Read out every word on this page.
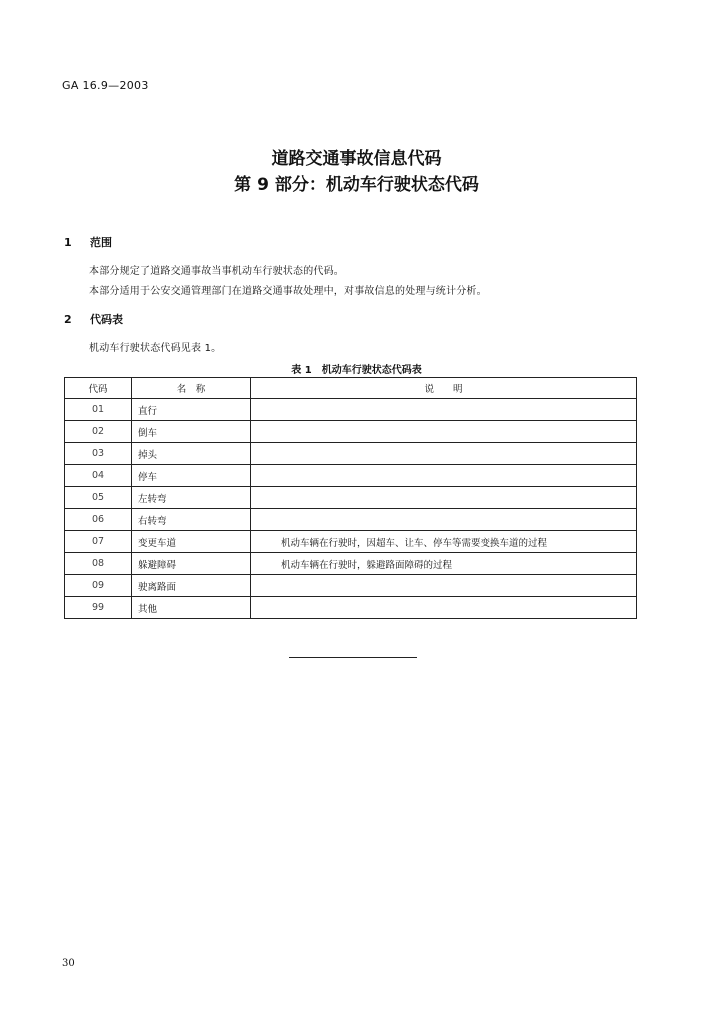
GA 16.9—2003
道路交通事故信息代码
第 9 部分：机动车行驶状态代码
1 范围
本部分规定了道路交通事故当事机动车行驶状态的代码。
本部分适用于公安交通管理部门在道路交通事故处理中，对事故信息的处理与统计分析。
2 代码表
机动车行驶状态代码见表 1。
表 1　机动车行驶状态代码表
代码	名　称	说　　明
01	直行	
02	倒车	
03	掉头	
04	停车	
05	左转弯	
06	右转弯	
07	变更车道	机动车辆在行驶时，因超车、让车、停车等需要变换车道的过程
08	躲避障碍	机动车辆在行驶时，躲避路面障碍的过程
09	驶离路面	
99	其他	
30
